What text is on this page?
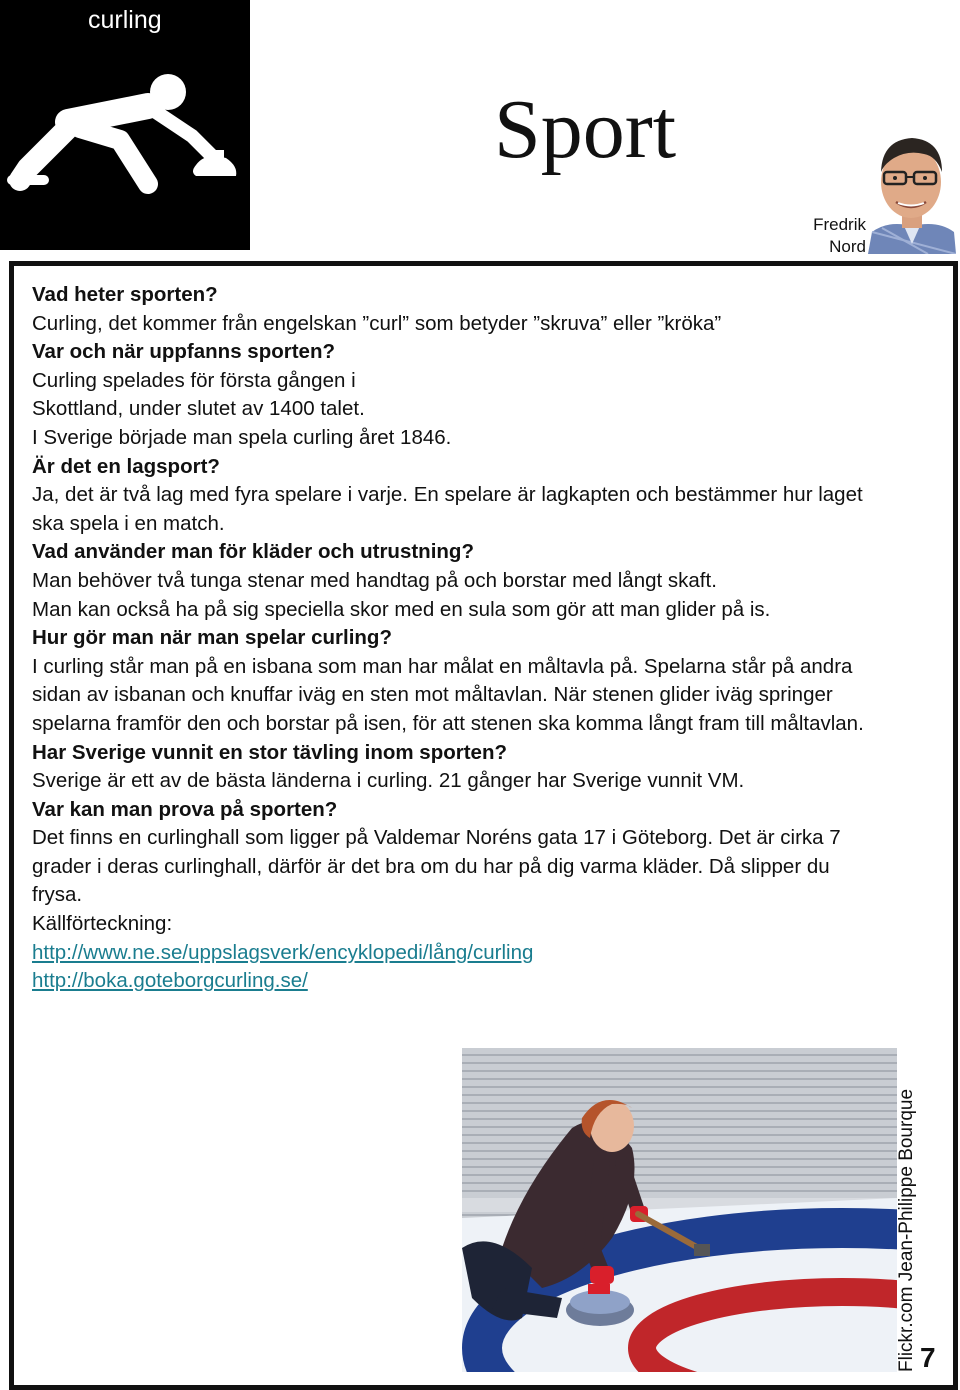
curling
Sport
Fredrik
Nord

Vad heter sporten?

Curling, det kommer från engelskan ”curl” som betyder ”skruva” eller ”kröka”

Var och när uppfanns sporten?

Curling spelades för första gången i

Skottland, under slutet av 1400 talet.

I Sverige började man spela curling året 1846.

Är det en lagsport?

Ja, det är två lag med fyra spelare i varje. En spelare är lagkapten och bestämmer hur laget ska spela i en match.

Vad använder man för kläder och utrustning?

Man behöver två tunga stenar med handtag på och borstar med långt skaft.

Man kan också ha på sig speciella skor med en sula som gör att man glider på is.

Hur gör man när man spelar curling?

I curling står man på en isbana som man har målat en måltavla på. Spelarna står på andra sidan av isbanan och knuffar iväg en sten mot måltavlan. När stenen glider iväg springer spelarna framför den och borstar på isen, för att stenen ska komma långt fram till måltavlan.

Har Sverige vunnit en stor tävling inom sporten?

Sverige är ett av de bästa länderna i curling. 21 gånger har Sverige vunnit VM.

Var kan man prova på sporten?

Det finns en curlinghall som ligger på Valdemar Noréns gata 17 i Göteborg. Det är cirka 7 grader i deras curlinghall, därför är det bra om du har på dig varma kläder. Då slipper du frysa.

Källförteckning:

http://www.ne.se/uppslagsverk/encyklopedi/lång/curling

http://boka.goteborgcurling.se/

Flickr.com Jean-Philippe Bourque 7
